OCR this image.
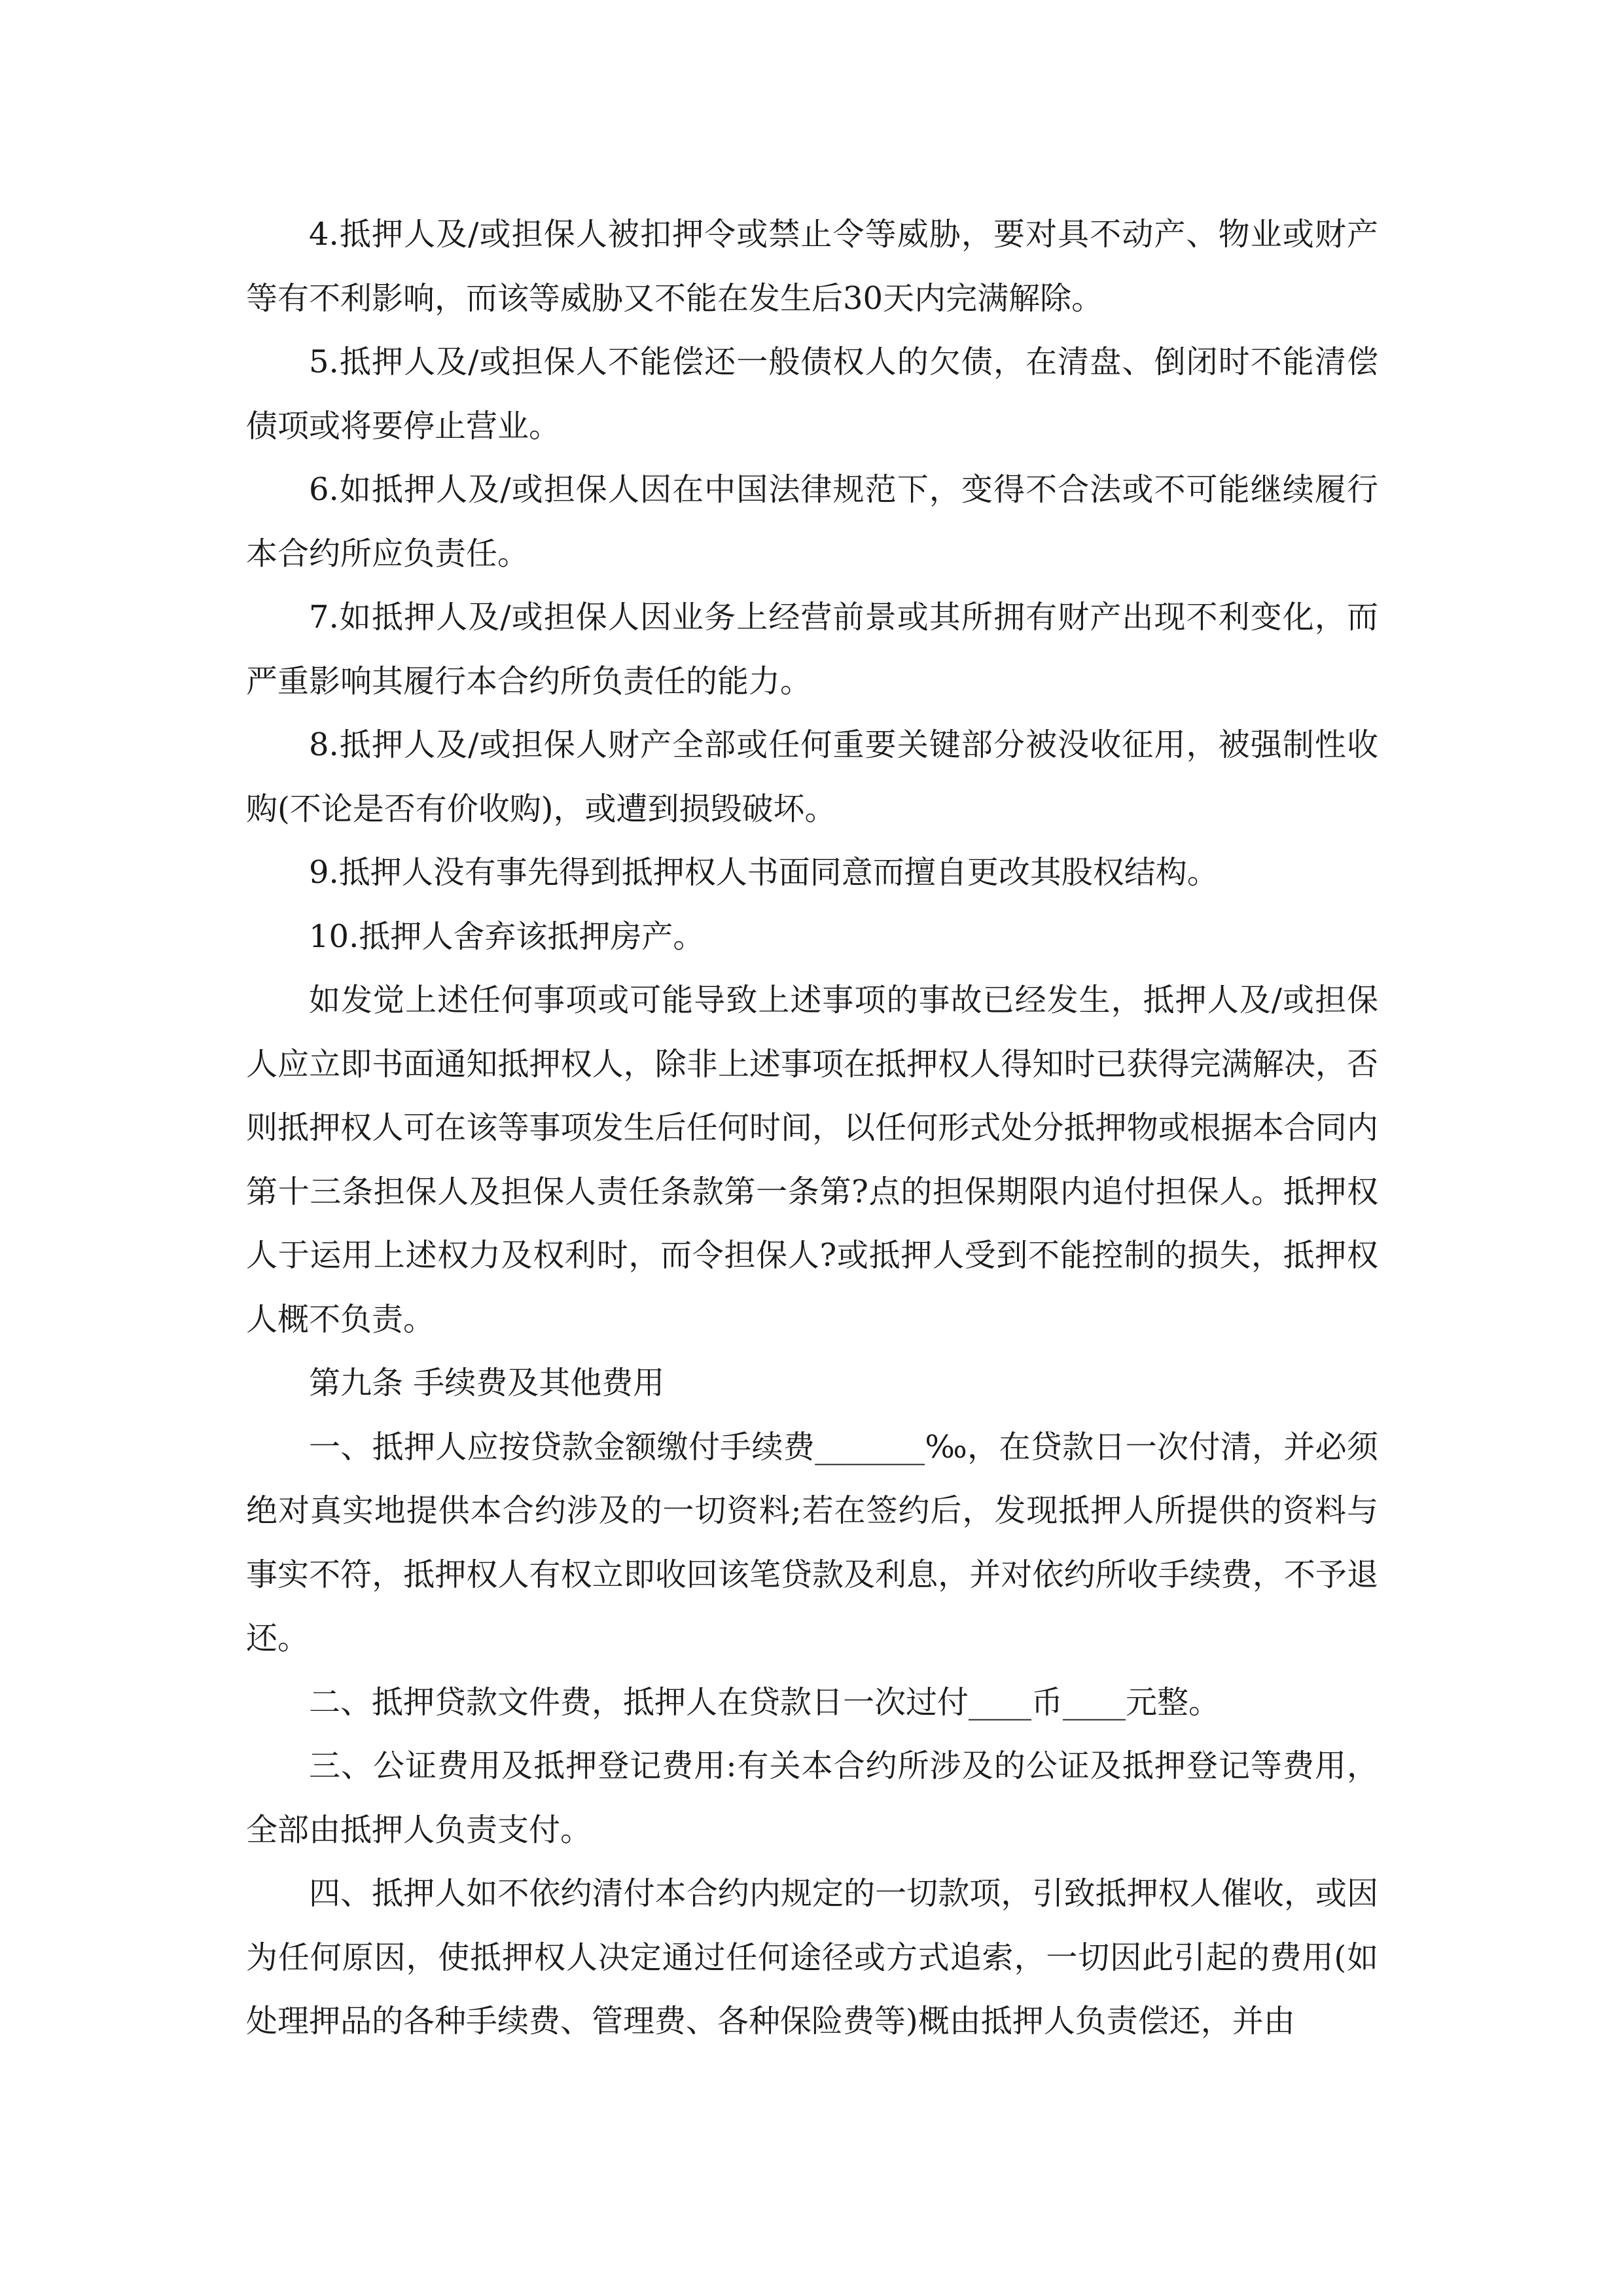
4.抵押人及/或担保人被扣押令或禁止令等威胁，要对具不动产、物业或财产等有不利影响，而该等威胁又不能在发生后30天内完满解除。

5.抵押人及/或担保人不能偿还一般债权人的欠债，在清盘、倒闭时不能清偿债项或将要停止营业。

6.如抵押人及/或担保人因在中国法律规范下，变得不合法或不可能继续履行本合约所应负责任。

7.如抵押人及/或担保人因业务上经营前景或其所拥有财产出现不利变化，而严重影响其履行本合约所负责任的能力。

8.抵押人及/或担保人财产全部或任何重要关键部分被没收征用，被强制性收购(不论是否有价收购)，或遭到损毁破坏。

9.抵押人没有事先得到抵押权人书面同意而擅自更改其股权结构。

10.抵押人舍弃该抵押房产。

如发觉上述任何事项或可能导致上述事项的事故已经发生，抵押人及/或担保人应立即书面通知抵押权人，除非上述事项在抵押权人得知时已获得完满解决，否则抵押权人可在该等事项发生后任何时间，以任何形式处分抵押物或根据本合同内第十三条担保人及担保人责任条款第一条第?点的担保期限内追付担保人。抵押权人于运用上述权力及权利时，而令担保人?或抵押人受到不能控制的损失，抵押权人概不负责。

第九条 手续费及其他费用

一、抵押人应按贷款金额缴付手续费_______‰，在贷款日一次付清，并必须绝对真实地提供本合约涉及的一切资料;若在签约后，发现抵押人所提供的资料与事实不符，抵押权人有权立即收回该笔贷款及利息，并对依约所收手续费，不予退还。

二、抵押贷款文件费，抵押人在贷款日一次过付____币____元整。

三、公证费用及抵押登记费用:有关本合约所涉及的公证及抵押登记等费用，全部由抵押人负责支付。

四、抵押人如不依约清付本合约内规定的一切款项，引致抵押权人催收，或因为任何原因，使抵押权人决定通过任何途径或方式追索，一切因此引起的费用(如处理押品的各种手续费、管理费、各种保险费等)概由抵押人负责偿还，并由
